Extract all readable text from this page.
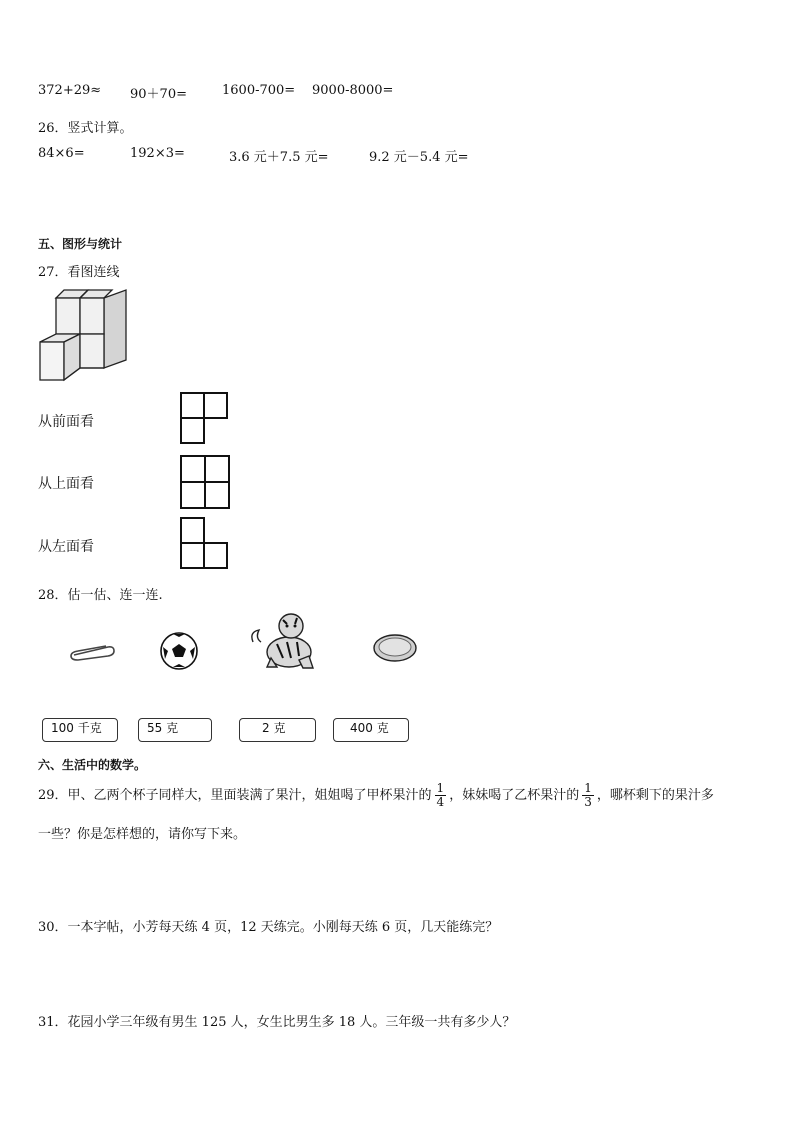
372+29≈ 90＋70=	1600-700= 9000-8000=
26．竖式计算。
84×6=	192×3=	3.6 元＋7.5 元=	9.2 元－5.4 元=
五、图形与统计
27．看图连线
从前面看
从上面看
从左面看
28．估一估、连一连.
100 千克	55 克	2 克	400 克
六、生活中的数学。
29．甲、乙两个杯子同样大，里面装满了果汁，姐姐喝了甲杯果汁的 $\frac{1}{4}$ ，妹妹喝了乙杯果汁的 $\frac{1}{3}$ ，哪杯剩下的果汁多
一些？你是怎样想的，请你写下来。
30．一本字帖，小芳每天练 4 页，12 天练完。小刚每天练 6 页，几天能练完？
31．花园小学三年级有男生 125 人，女生比男生多 18 人。三年级一共有多少人？
